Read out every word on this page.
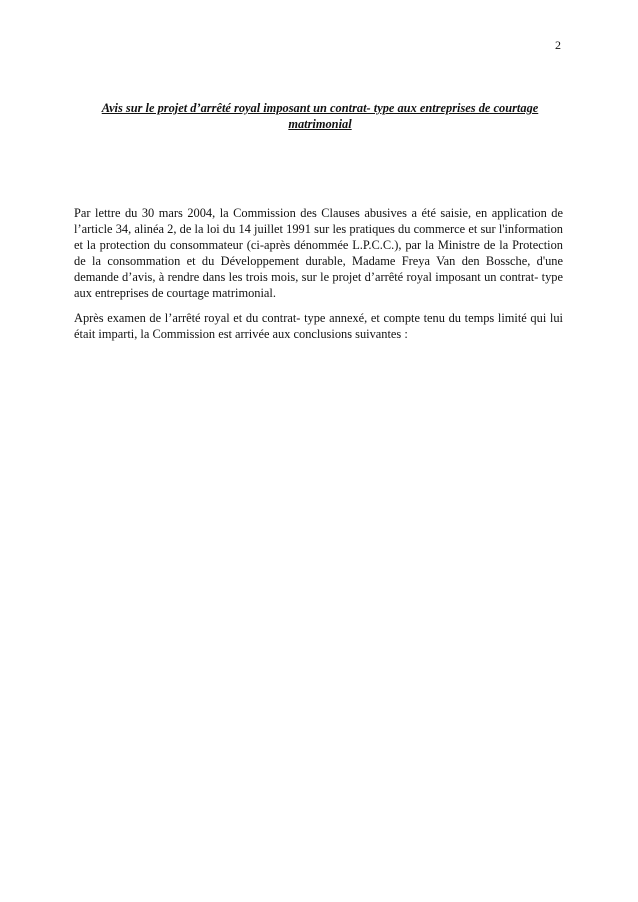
2
Avis sur le projet d’arrêté royal imposant un contrat- type aux entreprises de courtage matrimonial

Par lettre du 30 mars 2004, la Commission des Clauses abusives a été saisie, en application de l’article 34, alinéa 2, de la loi du 14 juillet 1991 sur les pratiques du commerce et sur l'information et la protection du consommateur (ci-après dénommée L.P.C.C.), par la Ministre de la Protection de la consommation et du Développement durable, Madame Freya Van den Bossche, d'une demande d’avis, à rendre dans les trois mois, sur le projet d’arrêté royal imposant un contrat- type aux entreprises de courtage matrimonial.

Après examen de l’arrêté royal et du contrat- type annexé, et compte tenu du temps limité qui lui était imparti, la Commission est arrivée aux conclusions suivantes :
